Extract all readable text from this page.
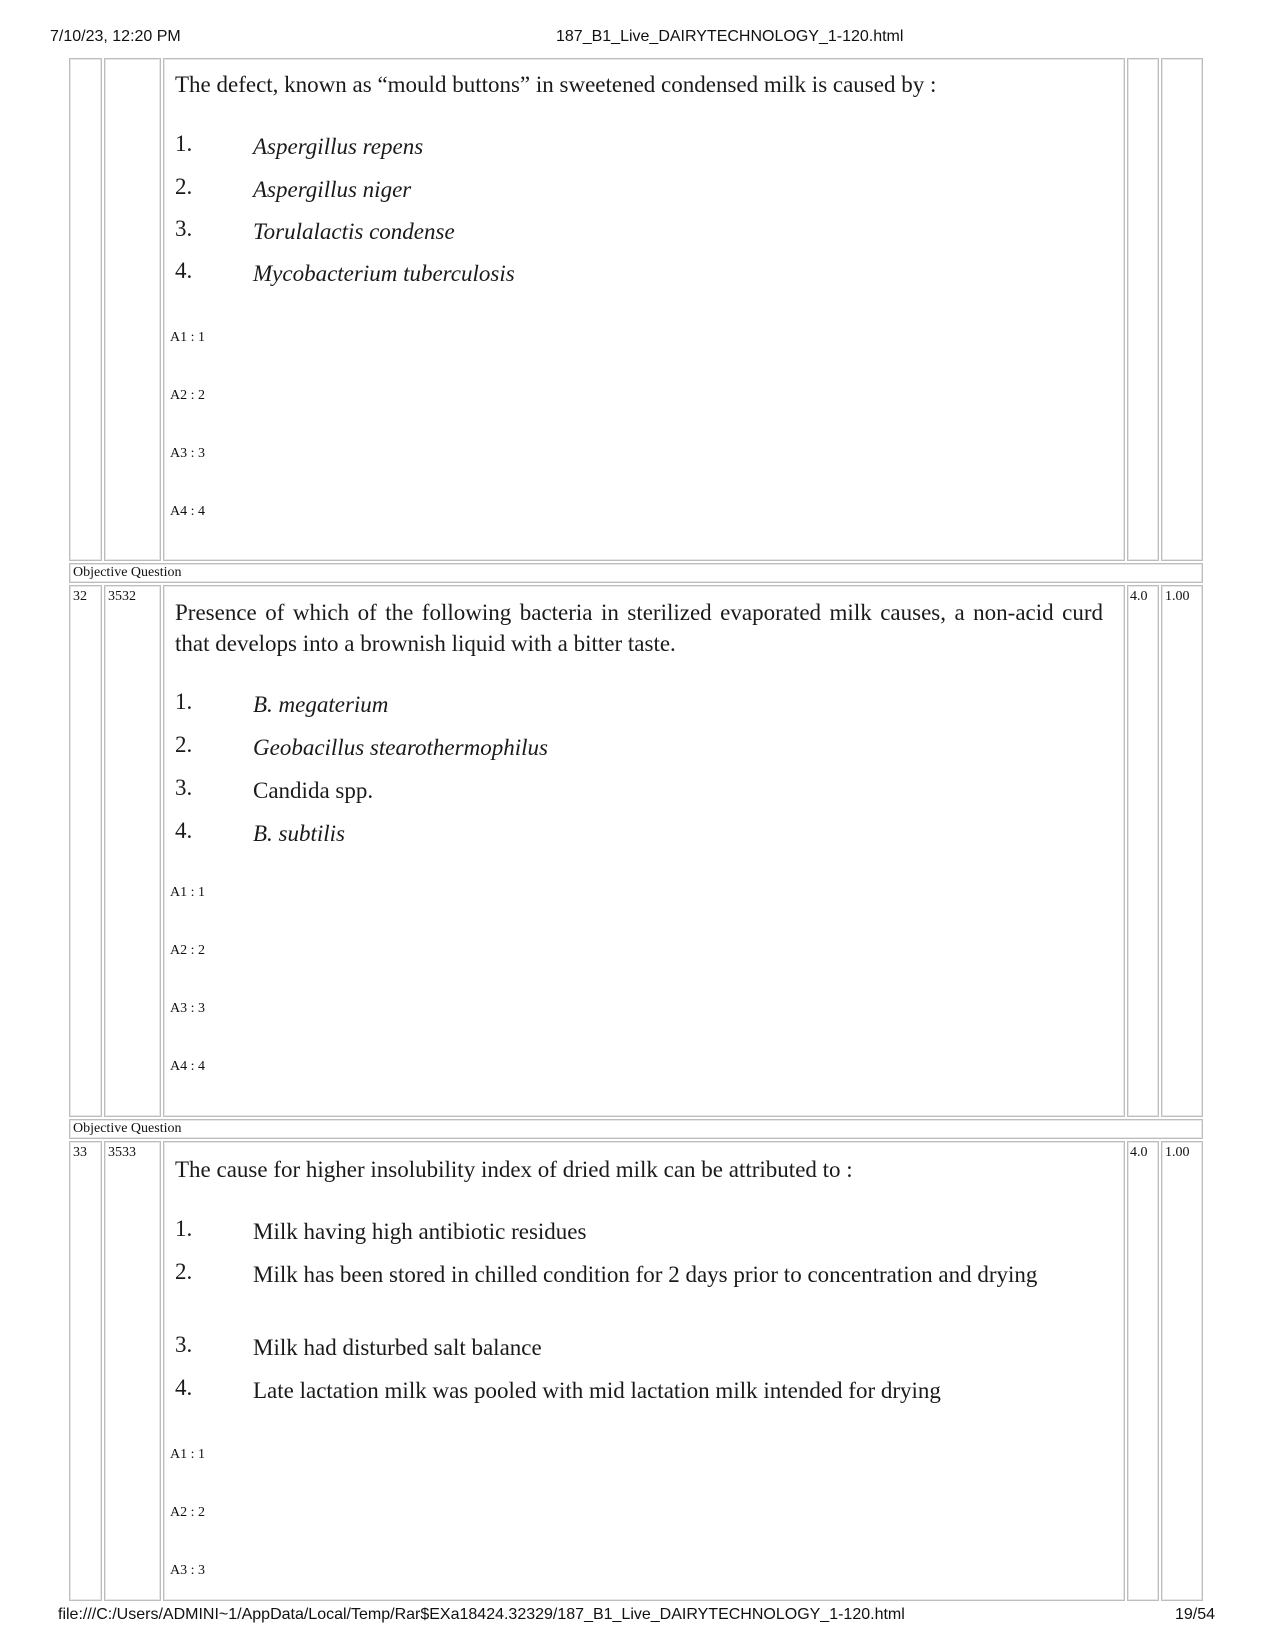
7/10/23, 12:20 PM	187_B1_Live_DAIRYTECHNOLOGY_1-120.html
The defect, known as “mould buttons” in sweetened condensed milk is caused by :
1.	Aspergillus repens
2.	Aspergillus niger
3.	Torulalactis condense
4.	Mycobacterium tuberculosis
A1 : 1
A2 : 2
A3 : 3
A4 : 4
Objective Question
32 3532	4.0 1.00
Presence of which of the following bacteria in sterilized evaporated milk causes, a non-acid curd that develops into a brownish liquid with a bitter taste.
1.	B. megaterium
2.	Geobacillus stearothermophilus
3.	Candida spp.
4.	B. subtilis
A1 : 1
A2 : 2
A3 : 3
A4 : 4
Objective Question
33 3533	4.0 1.00
The cause for higher insolubility index of dried milk can be attributed to :
1.	Milk having high antibiotic residues
2.	Milk has been stored in chilled condition for 2 days prior to concentration and drying
3.	Milk had disturbed salt balance
4.	Late lactation milk was pooled with mid lactation milk intended for drying
A1 : 1
A2 : 2
A3 : 3
file:///C:/Users/ADMINI~1/AppData/Local/Temp/Rar$EXa18424.32329/187_B1_Live_DAIRYTECHNOLOGY_1-120.html	19/54
